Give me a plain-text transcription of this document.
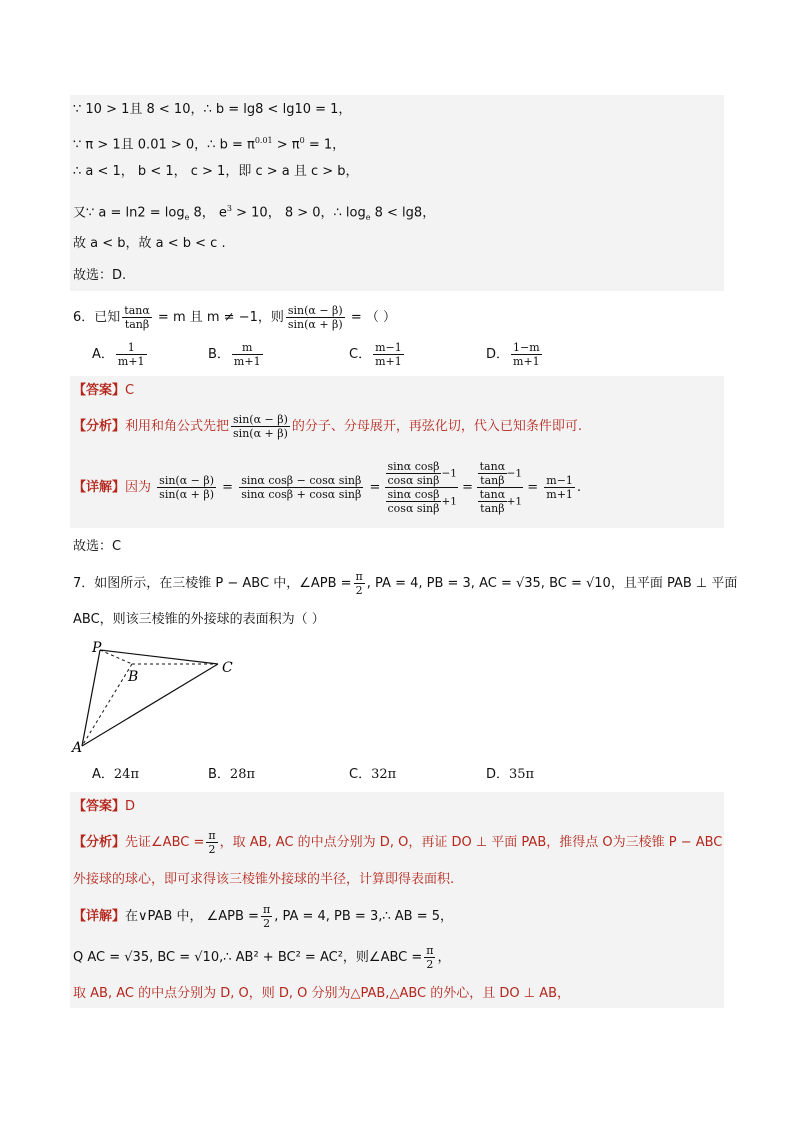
∵ 10 > 1且 8 < 10，∴ b = lg8 < lg10 = 1，
∵ π > 1且 0.01 > 0，∴ $b = \pi^{0.01} > \pi^0 = 1$，
∴ a < 1， b < 1， c > 1，即 c > a 且 c > b，
又∵ $a = \ln 2 = \log_e 8$， $e^3 > 10$， 8 > 0，∴ $\log_e 8 < \lg 8$，
故 a < b，故 a < b < c .
故选：D.
6．已知 $\frac{\tan\alpha}{\tan\beta} = m$ 且 m ≠ −1，则 $\frac{\sin(\alpha - \beta)}{\sin(\alpha + \beta)}$ = （ ）
A． $\frac{1}{m+1}$	B． $\frac{m}{m+1}$	C． $\frac{m-1}{m+1}$	D． $\frac{1-m}{m+1}$
【答案】C
【分析】利用和角公式先把 $\frac{\sin(\alpha - \beta)}{\sin(\alpha + \beta)}$ 的分子、分母展开，再弦化切，代入已知条件即可.
【详解】因为 $\frac{\sin(\alpha - \beta)}{\sin(\alpha + \beta)} = \frac{\text{sinα cosβ − cosα sinβ}}{\text{sinα cosβ + cosα sinβ}} = \frac{\frac{\text{sinα cosβ}}{\text{cosα sinβ}} -1}{\frac{\text{sinα cosβ}}{\text{cosα sinβ}} +1} = \frac{\frac{\tan\alpha}{\tan\beta} -1}{\frac{\tan\alpha}{\tan\beta} +1} = \frac{m-1}{m+1}$ .
故选：C
7．如图所示，在三棱锥 P − ABC 中，∠APB = $\frac{\pi}{2}$ , PA = 4, PB = 3, AC = √35, BC = √10，且平面 PAB ⊥ 平面
ABC，则该三棱锥的外接球的表面积为（ ）
P
B
C
A
A．24π	B．28π	C．32π	D．35π
【答案】D
【分析】先证∠ABC = $\frac{\pi}{2}$ ，取 AB, AC 的中点分别为 D, O，再证 DO ⊥ 平面 PAB，推得点 O为三棱锥 P − ABC
外接球的球心，即可求得该三棱锥外接球的半径，计算即得表面积.
【详解】在∨PAB 中， ∠APB = $\frac{\pi}{2}$ , PA = 4, PB = 3,∴ AB = 5，
Q AC = √35, BC = √10,∴ AB² + BC² = AC²，则∠ABC = $\frac{\pi}{2}$ ，
取 AB, AC 的中点分别为 D, O，则 D, O 分别为△PAB,△ABC 的外心，且 DO ⊥ AB，
